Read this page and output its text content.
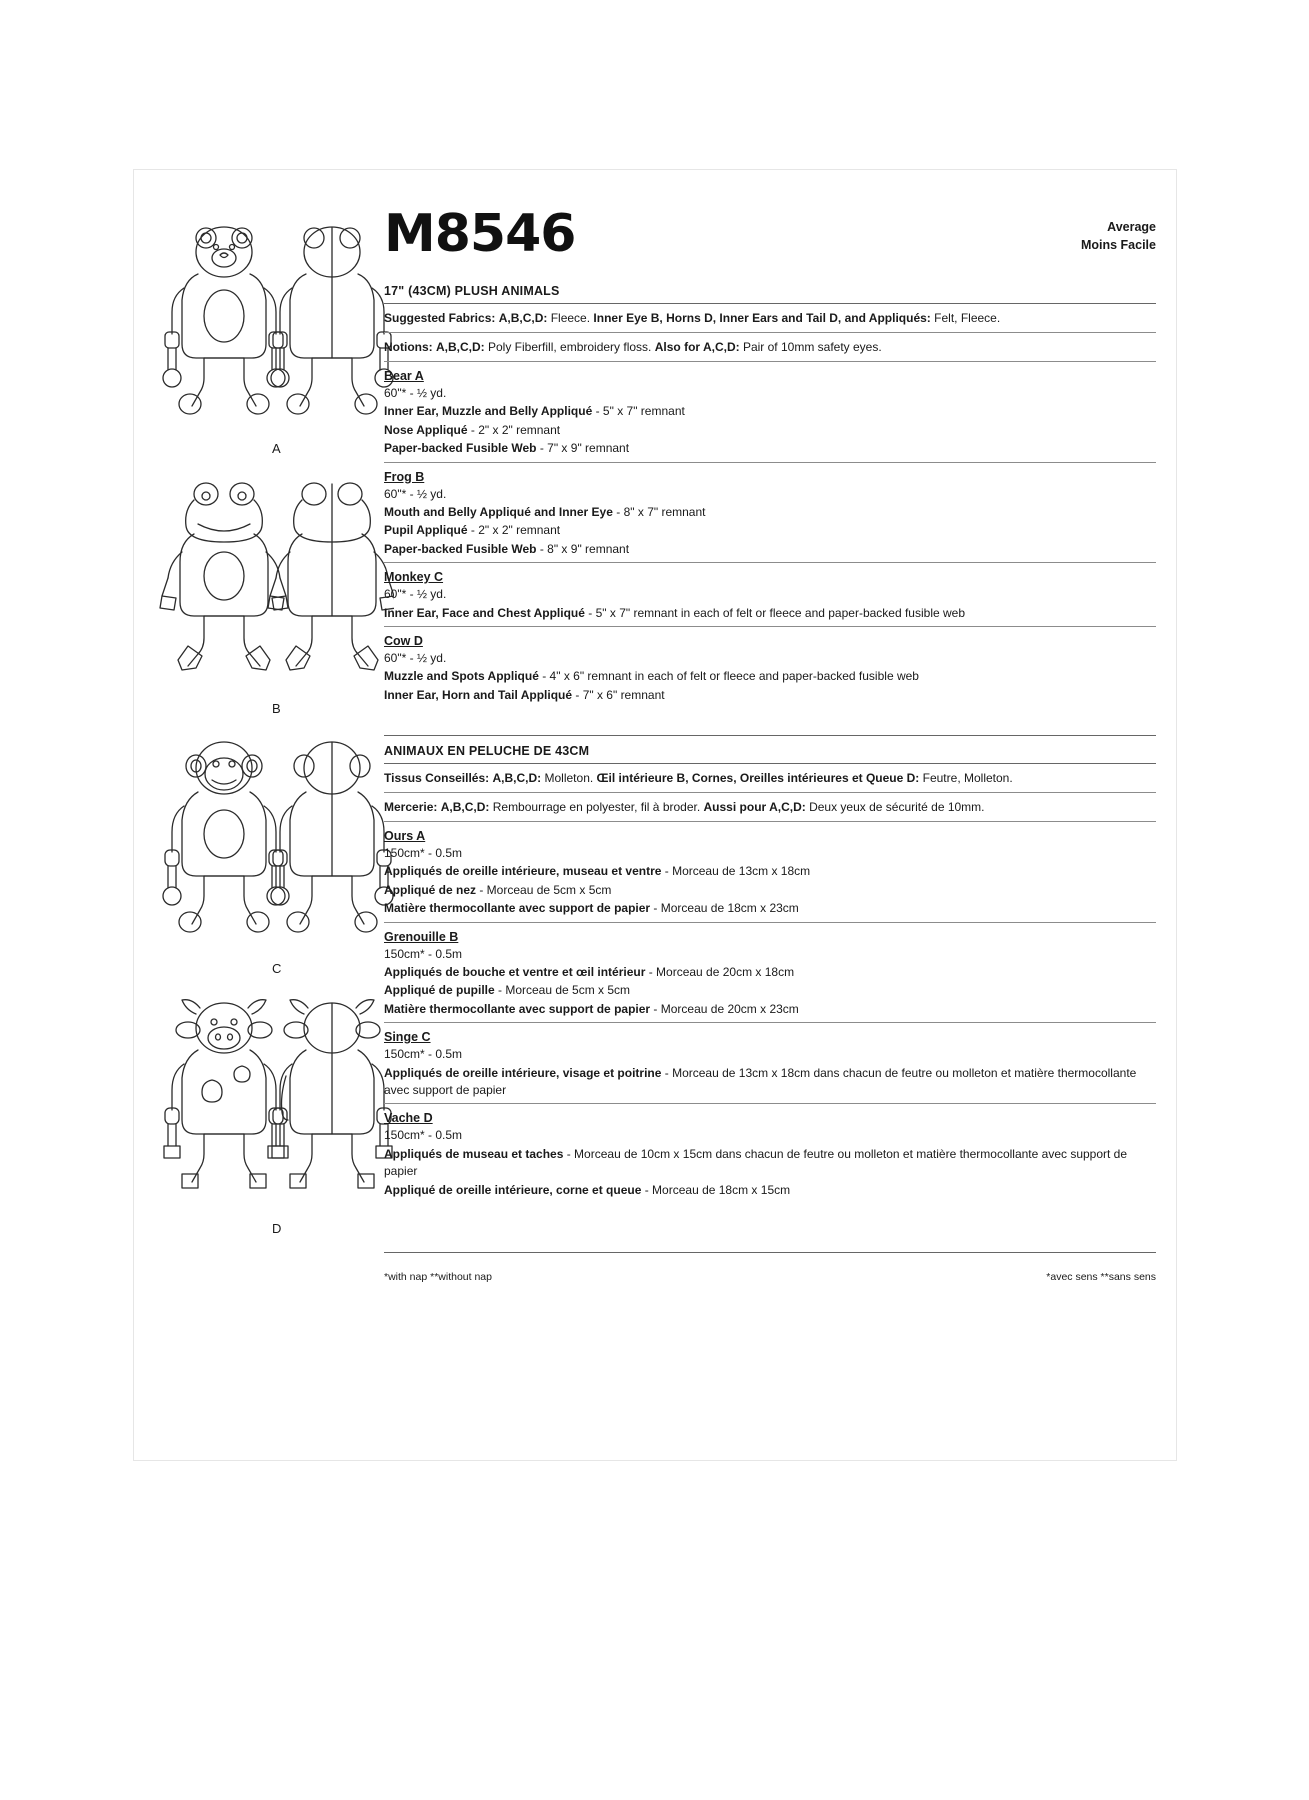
A
B
C
D
M8546	Average
Moins Facile
17" (43CM) PLUSH ANIMALS

Suggested Fabrics: A,B,C,D: Fleece. Inner Eye B, Horns D, Inner Ears and Tail D, and Appliqués: Felt, Fleece.

Notions: A,B,C,D: Poly Fiberfill, embroidery floss. Also for A,C,D: Pair of 10mm safety eyes.

Bear A
60"* - ½ yd.
Inner Ear, Muzzle and Belly Appliqué - 5" x 7" remnant
Nose Appliqué - 2" x 2" remnant
Paper-backed Fusible Web - 7" x 9" remnant
Frog B
60"* - ½ yd.
Mouth and Belly Appliqué and Inner Eye - 8" x 7" remnant
Pupil Appliqué - 2" x 2" remnant
Paper-backed Fusible Web - 8" x 9" remnant
Monkey C
60"* - ½ yd.
Inner Ear, Face and Chest Appliqué - 5" x 7" remnant in each of felt or fleece and paper-backed fusible web
Cow D
60"* - ½ yd.
Muzzle and Spots Appliqué - 4" x 6" remnant in each of felt or fleece and paper-backed fusible web
Inner Ear, Horn and Tail Appliqué - 7" x 6" remnant
ANIMAUX EN PELUCHE DE 43CM

Tissus Conseillés: A,B,C,D: Molleton. Œil intérieure B, Cornes, Oreilles intérieures et Queue D: Feutre, Molleton.

Mercerie: A,B,C,D: Rembourrage en polyester, fil à broder. Aussi pour A,C,D: Deux yeux de sécurité de 10mm.

Ours A
150cm* - 0.5m
Appliqués de oreille intérieure, museau et ventre - Morceau de 13cm x 18cm
Appliqué de nez - Morceau de 5cm x 5cm
Matière thermocollante avec support de papier - Morceau de 18cm x 23cm
Grenouille B
150cm* - 0.5m
Appliqués de bouche et ventre et œil intérieur - Morceau de 20cm x 18cm
Appliqué de pupille - Morceau de 5cm x 5cm
Matière thermocollante avec support de papier - Morceau de 20cm x 23cm
Singe C
150cm* - 0.5m
Appliqués de oreille intérieure, visage et poitrine - Morceau de 13cm x 18cm dans chacun de feutre ou molleton et matière thermocollante avec support de papier
Vache D
150cm* - 0.5m
Appliqués de museau et taches - Morceau de 10cm x 15cm dans chacun de feutre ou molleton et matière thermocollante avec support de papier
Appliqué de oreille intérieure, corne et queue - Morceau de 18cm x 15cm
*with nap **without nap	*avec sens **sans sens
